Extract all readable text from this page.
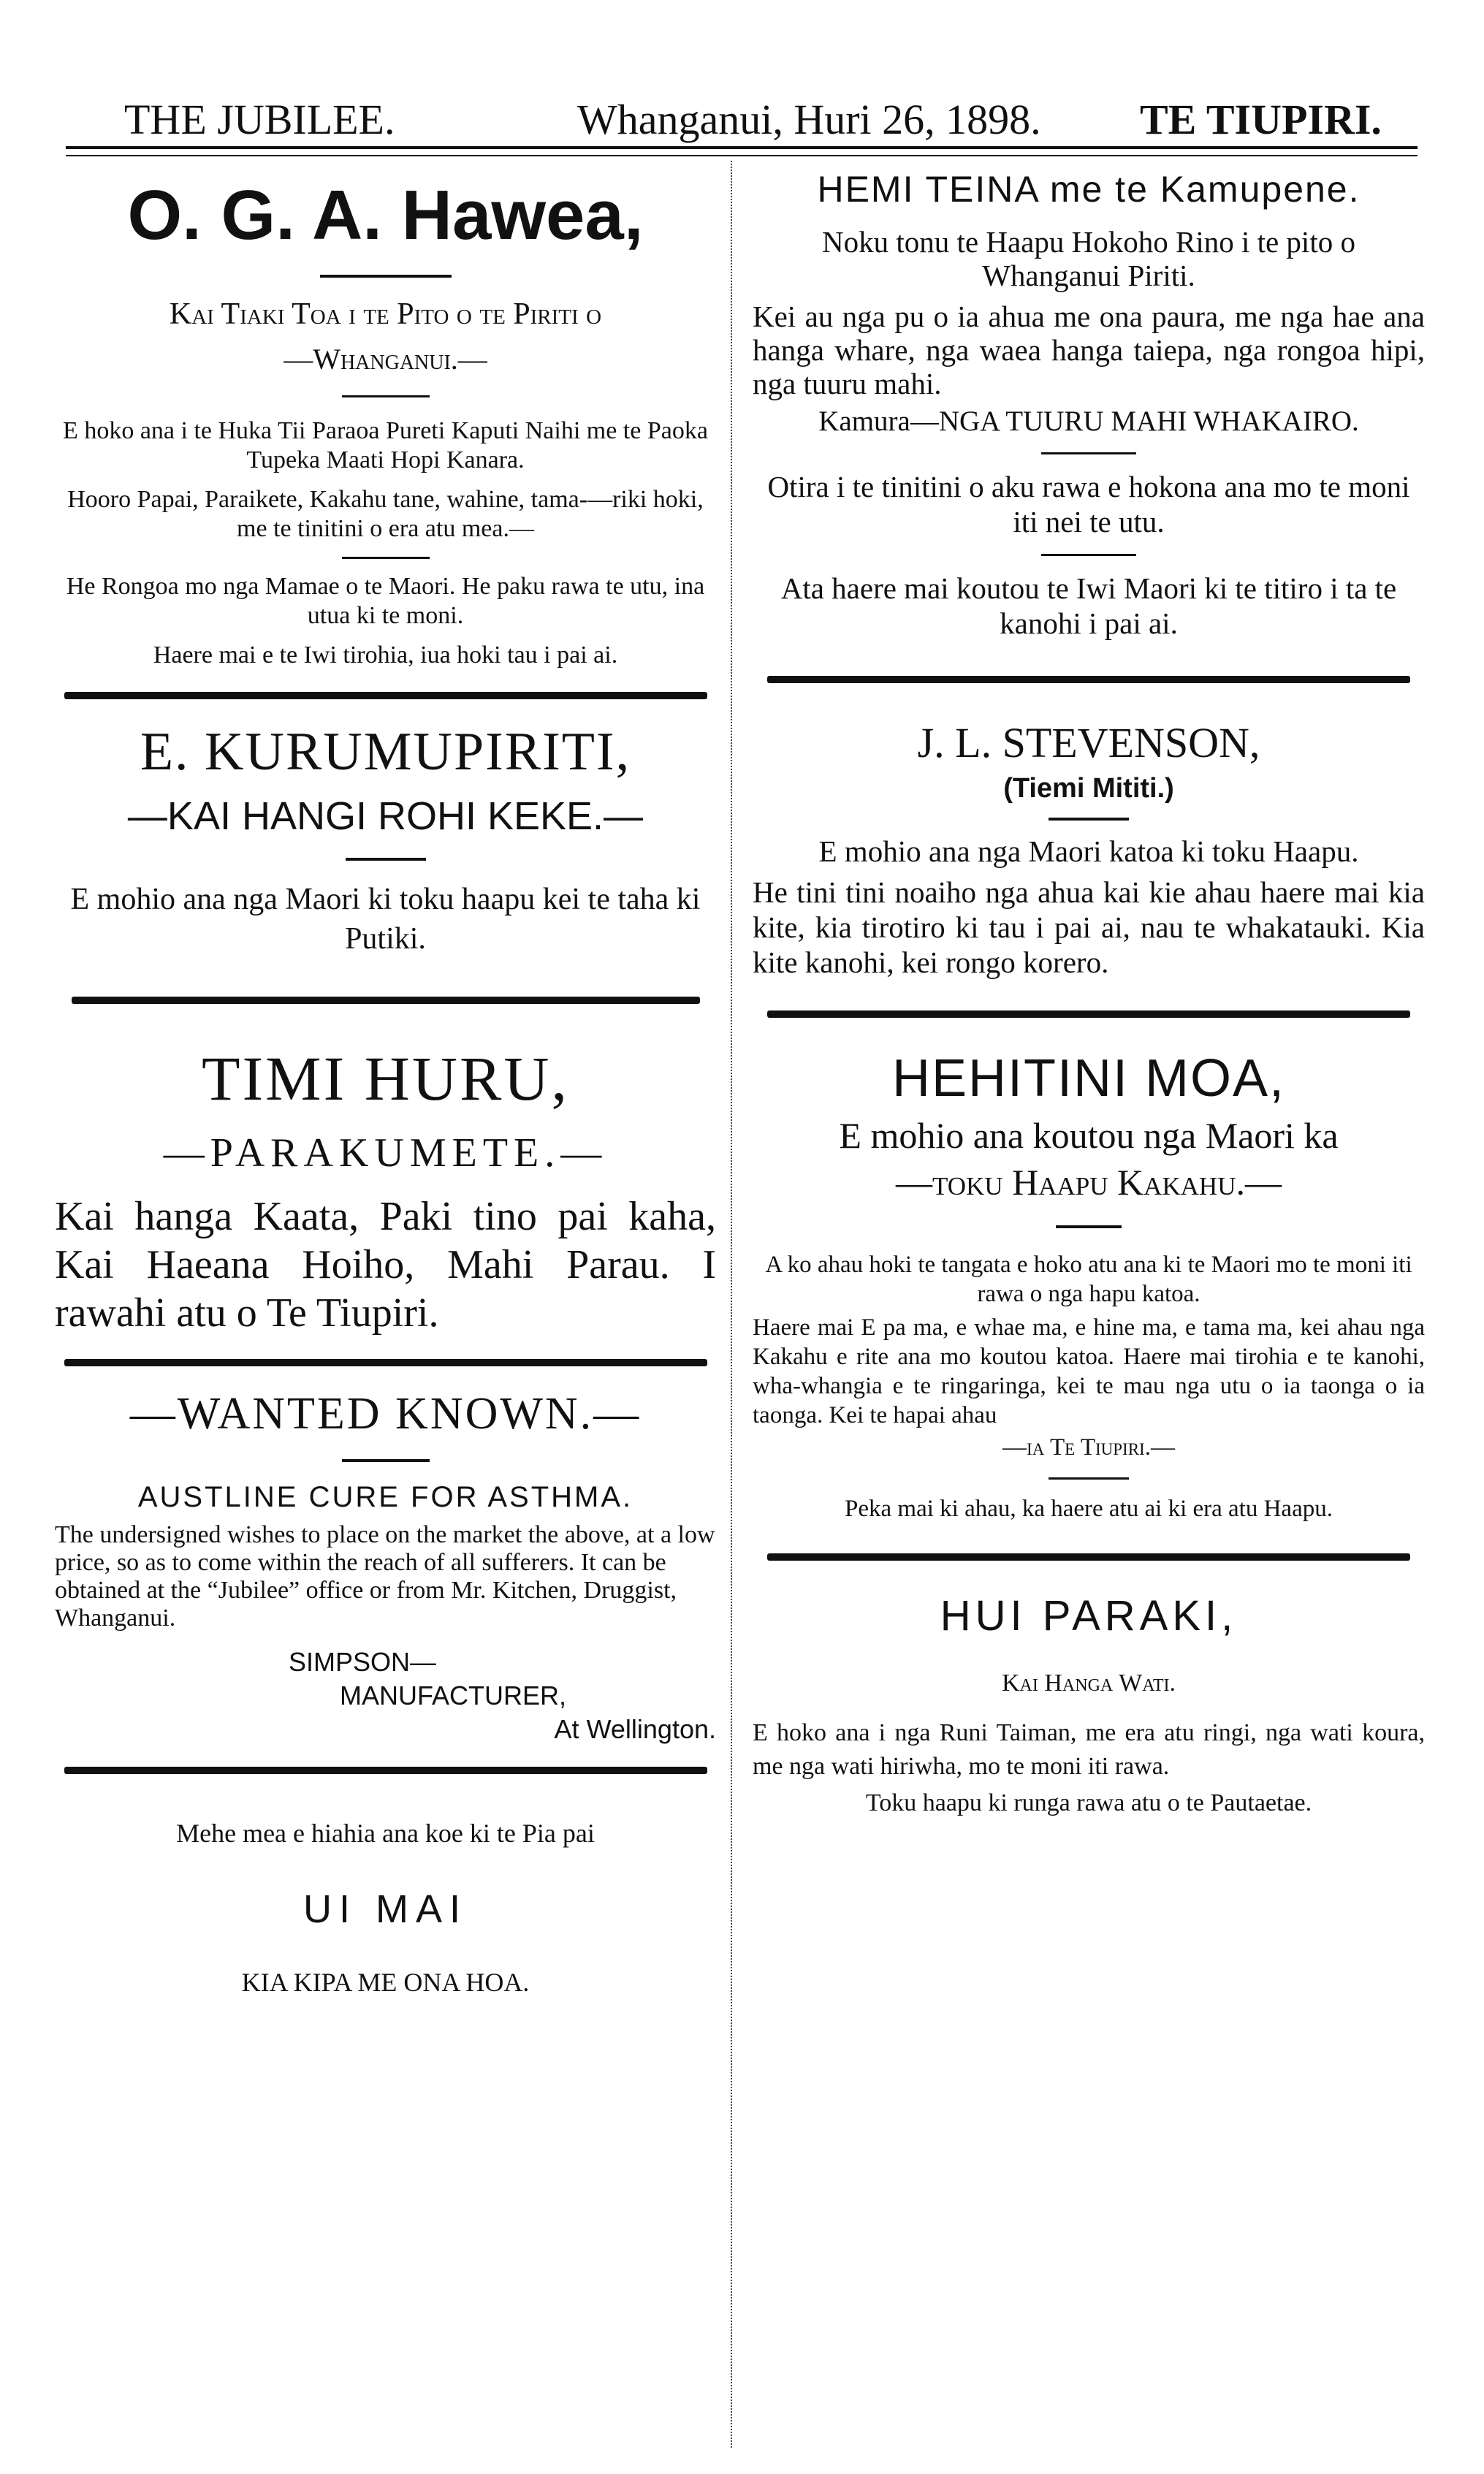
THE JUBILEE.	Whanganui, Huri 26, 1898. TE TIUPIRI.

O. G. A. Hawea,

Kai Tiaki Toa i te Pito o te Piriti o

—Whanganui.—

E hoko ana i te Huka Tii Paraoa Pureti Kaputi Naihi me te Paoka Tupeka Maati Hopi Kanara.

Hooro Papai, Paraikete, Kakahu tane, wahine, tama-—riki hoki, me te tinitini o era atu mea.—

He Rongoa mo nga Mamae o te Maori. He paku rawa te utu, ina utua ki te moni.

Haere mai e te Iwi tirohia, iua hoki tau i pai ai.

E. KURUMUPIRITI,

—KAI HANGI ROHI KEKE.—

E mohio ana nga Maori ki toku haapu kei te taha ki Putiki.

TIMI HURU,

—PARAKUMETE.—

Kai hanga Kaata, Paki tino pai kaha, Kai Haeana Hoiho, Mahi Parau. I rawahi atu o Te Tiupiri.

—WANTED KNOWN.—

AUSTLINE CURE FOR ASTHMA.

The undersigned wishes to place on the market the above, at a low price, so as to come within the reach of all sufferers. It can be obtained at the “Jubilee” office or from Mr. Kitchen, Druggist, Whanganui.

SIMPSON—

MANUFACTURER,

At Wellington.

Mehe mea e hiahia ana koe ki te Pia pai

UI MAI

KIA KIPA ME ONA HOA.

HEMI TEINA me te Kamupene.

Noku tonu te Haapu Hokoho Rino i te pito o Whanganui Piriti.

Kei au nga pu o ia ahua me ona paura, me nga hae ana hanga whare, nga waea hanga taiepa, nga rongoa hipi, nga tuuru mahi.

Kamura—NGA TUURU MAHI WHAKAIRO.

Otira i te tinitini o aku rawa e hokona ana mo te moni iti nei te utu.

Ata haere mai koutou te Iwi Maori ki te titiro i ta te kanohi i pai ai.

J. L. STEVENSON,

(Tiemi Mititi.)

E mohio ana nga Maori katoa ki toku Haapu.

He tini tini noaiho nga ahua kai kie ahau haere mai kia kite, kia tirotiro ki tau i pai ai, nau te whakatauki. Kia kite kanohi, kei rongo korero.

HEHITINI MOA,

E mohio ana koutou nga Maori ka

—toku Haapu Kakahu.—

A ko ahau hoki te tangata e hoko atu ana ki te Maori mo te moni iti rawa o nga hapu katoa.

Haere mai E pa ma, e whae ma, e hine ma, e tama ma, kei ahau nga Kakahu e rite ana mo koutou katoa. Haere mai tirohia e te kanohi, wha-whangia e te ringaringa, kei te mau nga utu o ia taonga o ia taonga. Kei te hapai ahau

—ia Te Tiupiri.—

Peka mai ki ahau, ka haere atu ai ki era atu Haapu.

HUI PARAKI,

Kai Hanga Wati.

E hoko ana i nga Runi Taiman, me era atu ringi, nga wati koura, me nga wati hiriwha, mo te moni iti rawa.

Toku haapu ki runga rawa atu o te Pautaetae.
